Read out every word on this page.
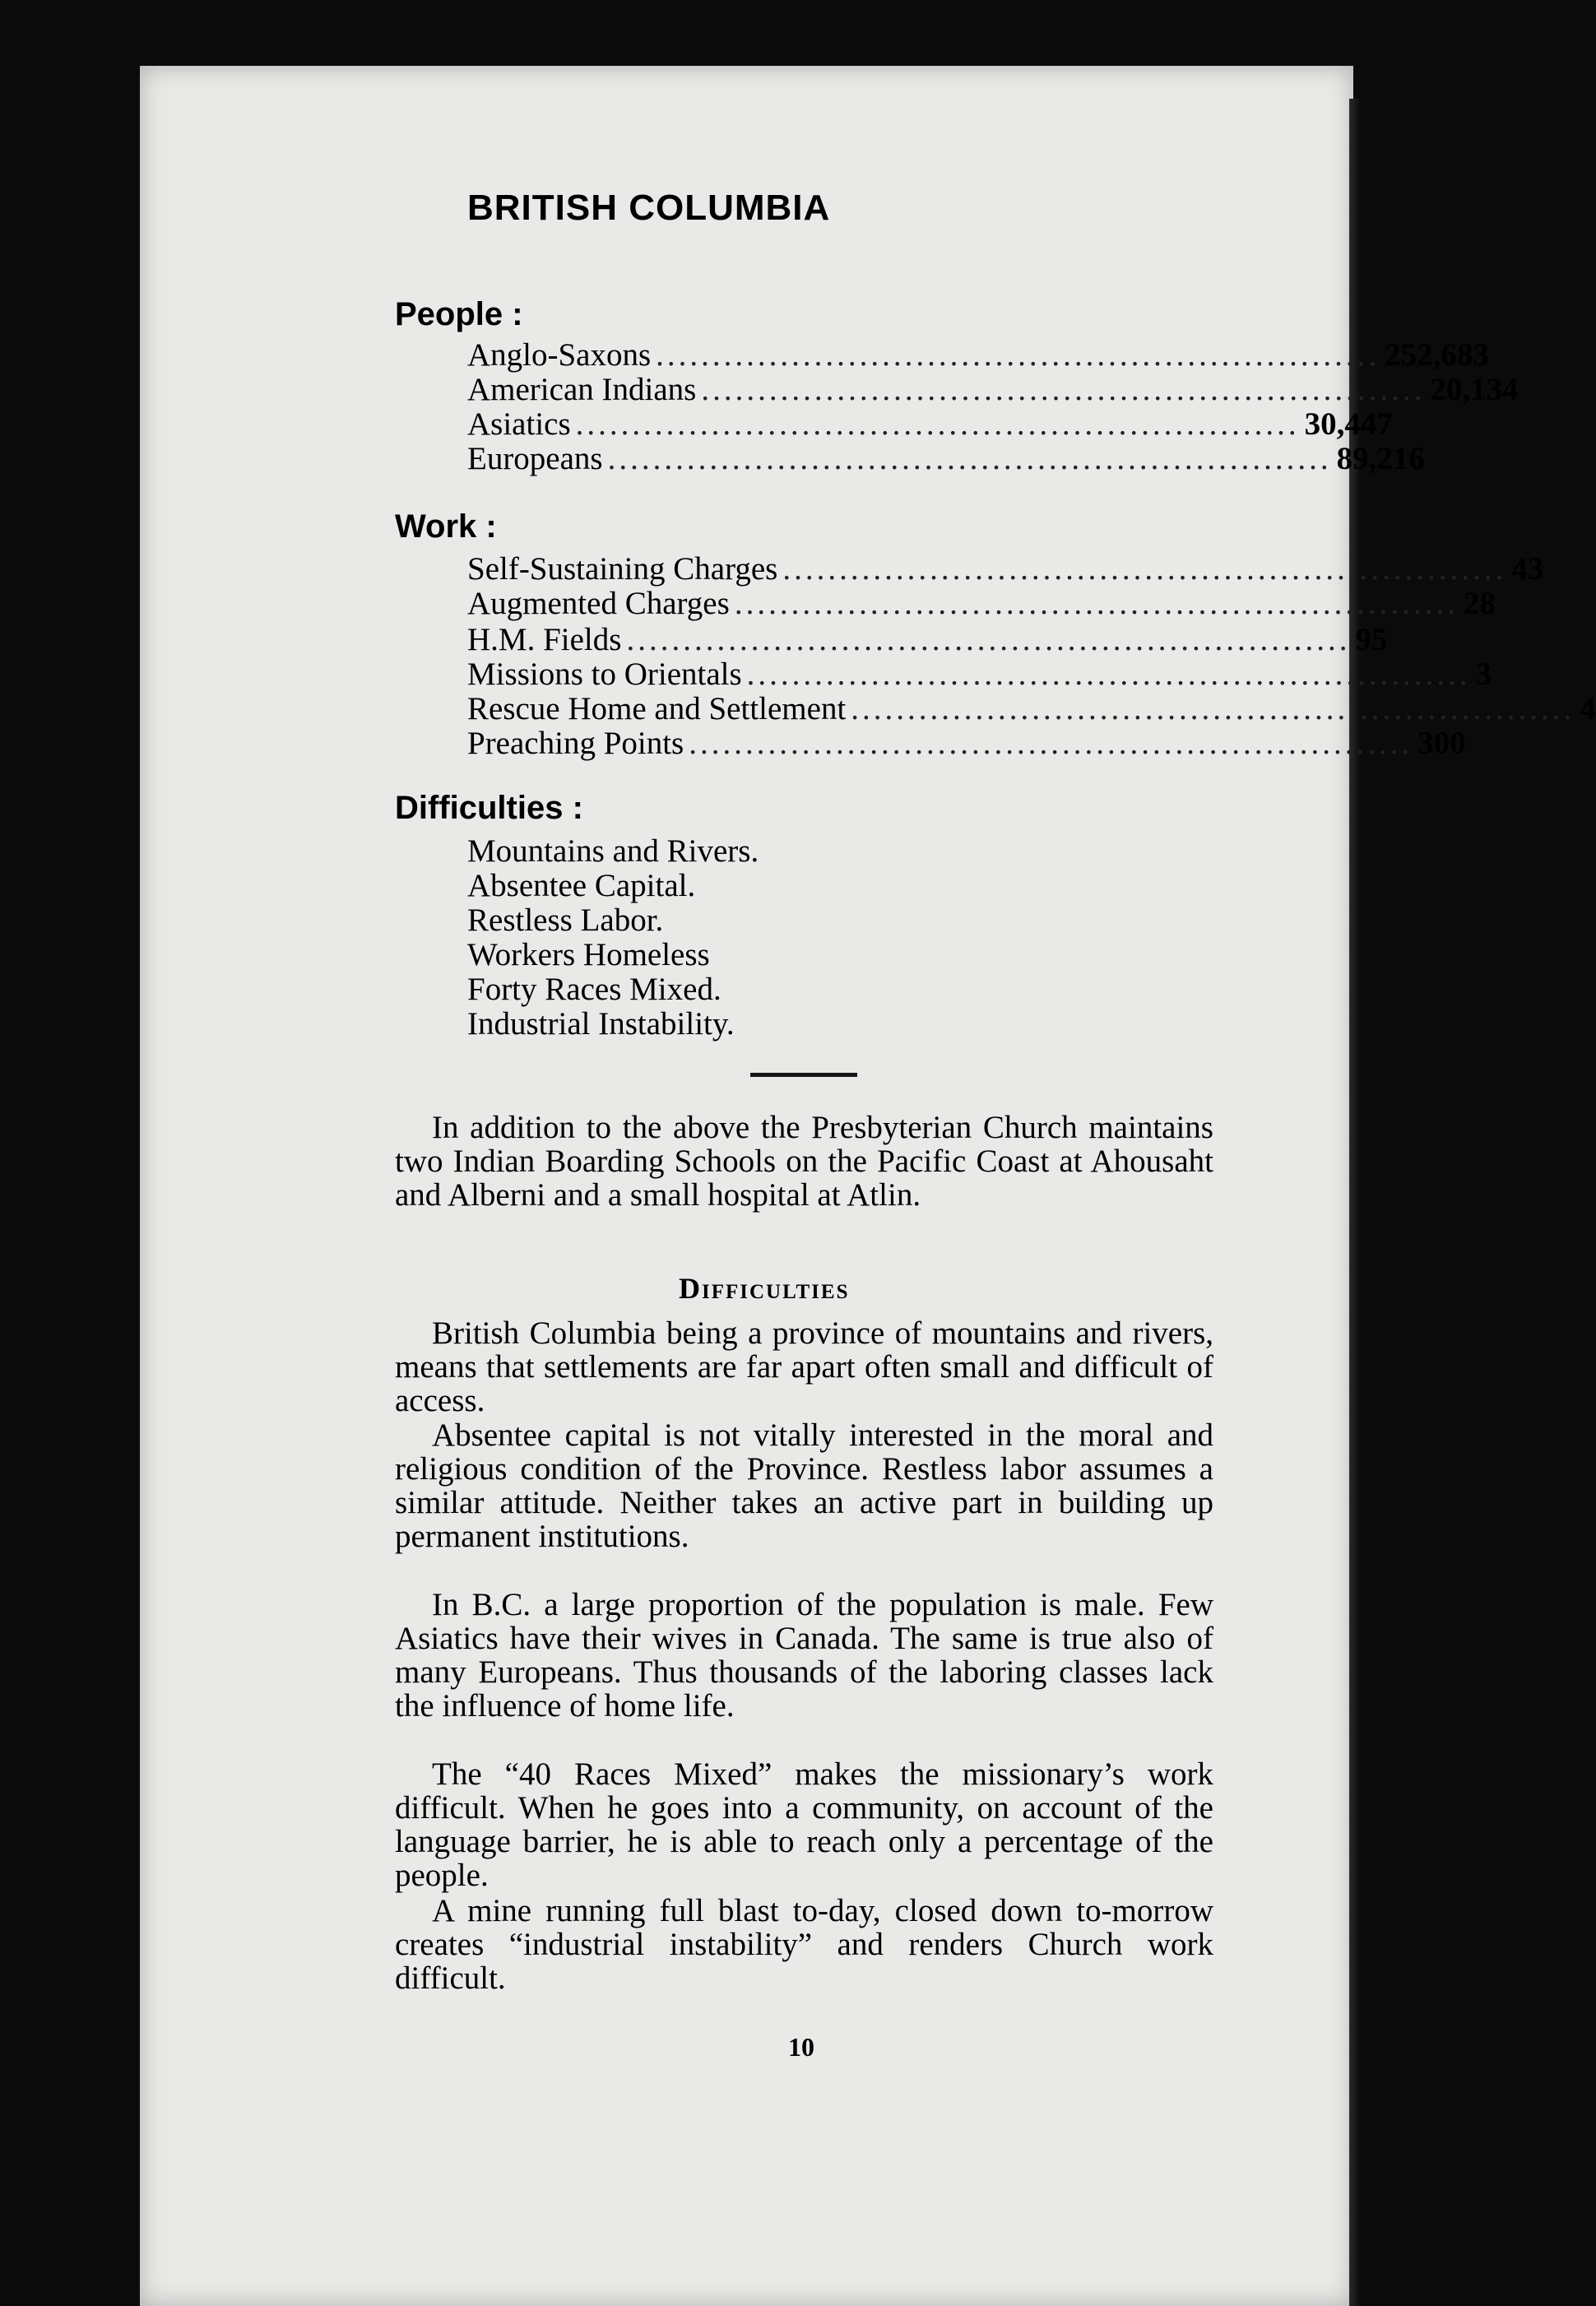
BRITISH COLUMBIA
People :
Anglo-Saxons ................................................................ 252,683
American Indians ................................................................ 20,134
Asiatics ................................................................ 30,447
Europeans ................................................................ 89,216
Work :
Self-Sustaining Charges ................................................................ 43
Augmented Charges ................................................................ 28
H.M. Fields ................................................................ 95
Missions to Orientals ................................................................ 3
Rescue Home and Settlement ................................................................ 4
Preaching Points ................................................................ 300
Difficulties :
Mountains and Rivers.
Absentee Capital.
Restless Labor.
Workers Homeless
Forty Races Mixed.
Industrial Instability.
In addition to the above the Presbyterian Church maintains two Indian Boarding Schools on the Pacific Coast at Ahousaht and Alberni and a small hospital at Atlin.
Difficulties
British Columbia being a province of mountains and rivers, means that settlements are far apart often small and difficult of access.
Absentee capital is not vitally interested in the moral and religious condition of the Province. Restless labor assumes a similar attitude. Neither takes an active part in building up permanent institutions.
In B.C. a large proportion of the population is male. Few Asiatics have their wives in Canada. The same is true also of many Europeans. Thus thousands of the laboring classes lack the influence of home life.
The “40 Races Mixed” makes the missionary’s work difficult. When he goes into a community, on account of the language barrier, he is able to reach only a percentage of the people.
A mine running full blast to-day, closed down to-morrow creates “industrial instability” and renders Church work difficult.
10
